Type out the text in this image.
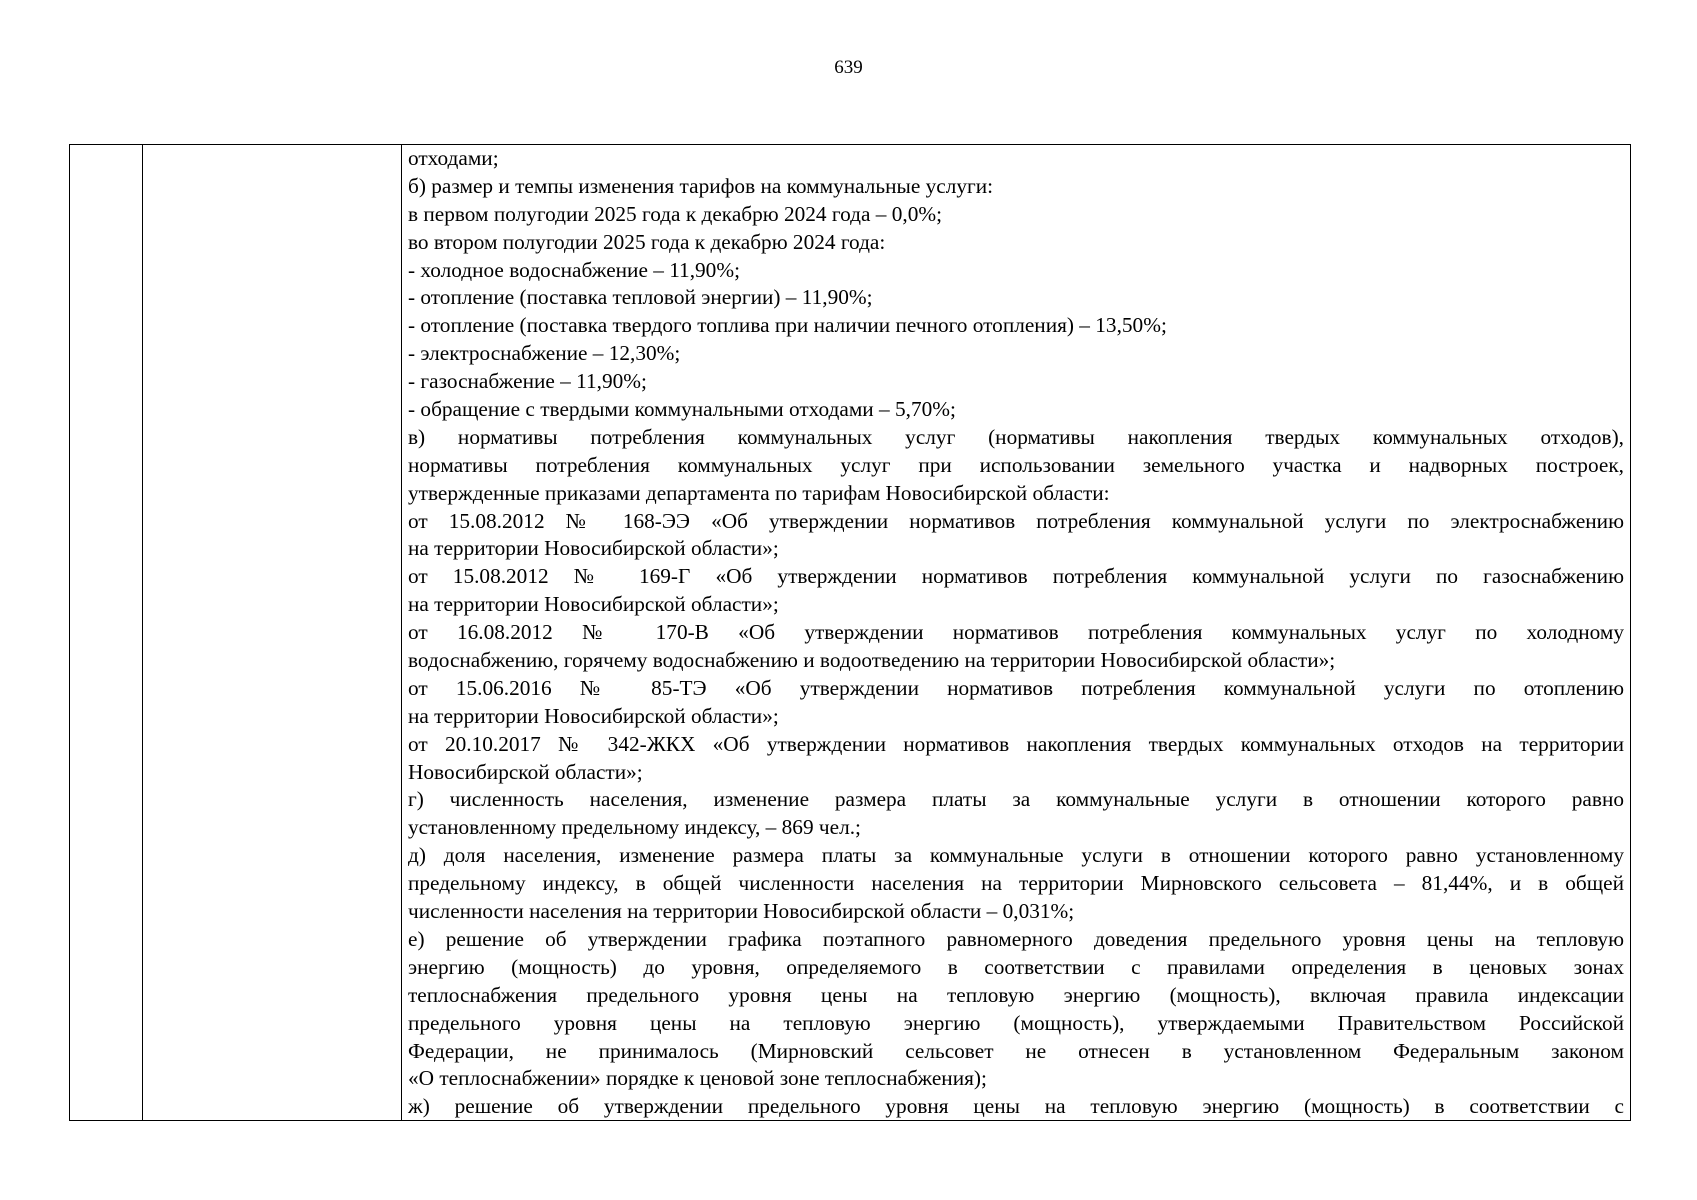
639
отходами;
б) размер и темпы изменения тарифов на коммунальные услуги:
в первом полугодии 2025 года к декабрю 2024 года – 0,0%;
во втором полугодии 2025 года к декабрю 2024 года:
- холодное водоснабжение – 11,90%;
- отопление (поставка тепловой энергии) – 11,90%;
- отопление (поставка твердого топлива при наличии печного отопления) – 13,50%;
- электроснабжение – 12,30%;
- газоснабжение – 11,90%;
- обращение с твердыми коммунальными отходами – 5,70%;
в) нормативы потребления коммунальных услуг (нормативы накопления твердых коммунальных отходов),
нормативы потребления коммунальных услуг при использовании земельного участка и надворных построек,
утвержденные приказами департамента по тарифам Новосибирской области:
от 15.08.2012 № 168-ЭЭ «Об утверждении нормативов потребления коммунальной услуги по электроснабжению
на территории Новосибирской области»;
от 15.08.2012 № 169-Г «Об утверждении нормативов потребления коммунальной услуги по газоснабжению
на территории Новосибирской области»;
от 16.08.2012 № 170-В «Об утверждении нормативов потребления коммунальных услуг по холодному
водоснабжению, горячему водоснабжению и водоотведению на территории Новосибирской области»;
от 15.06.2016 № 85-ТЭ «Об утверждении нормативов потребления коммунальной услуги по отоплению
на территории Новосибирской области»;
от 20.10.2017 № 342-ЖКХ «Об утверждении нормативов накопления твердых коммунальных отходов на территории
Новосибирской области»;
г) численность населения, изменение размера платы за коммунальные услуги в отношении которого равно
установленному предельному индексу, – 869 чел.;
д) доля населения, изменение размера платы за коммунальные услуги в отношении которого равно установленному
предельному индексу, в общей численности населения на территории Мирновского сельсовета – 81,44%, и в общей
численности населения на территории Новосибирской области – 0,031%;
е) решение об утверждении графика поэтапного равномерного доведения предельного уровня цены на тепловую
энергию (мощность) до уровня, определяемого в соответствии с правилами определения в ценовых зонах
теплоснабжения предельного уровня цены на тепловую энергию (мощность), включая правила индексации
предельного уровня цены на тепловую энергию (мощность), утверждаемыми Правительством Российской
Федерации, не принималось (Мирновский сельсовет не отнесен в установленном Федеральным законом
«О теплоснабжении» порядке к ценовой зоне теплоснабжения);
ж) решение об утверждении предельного уровня цены на тепловую энергию (мощность) в соответствии с
